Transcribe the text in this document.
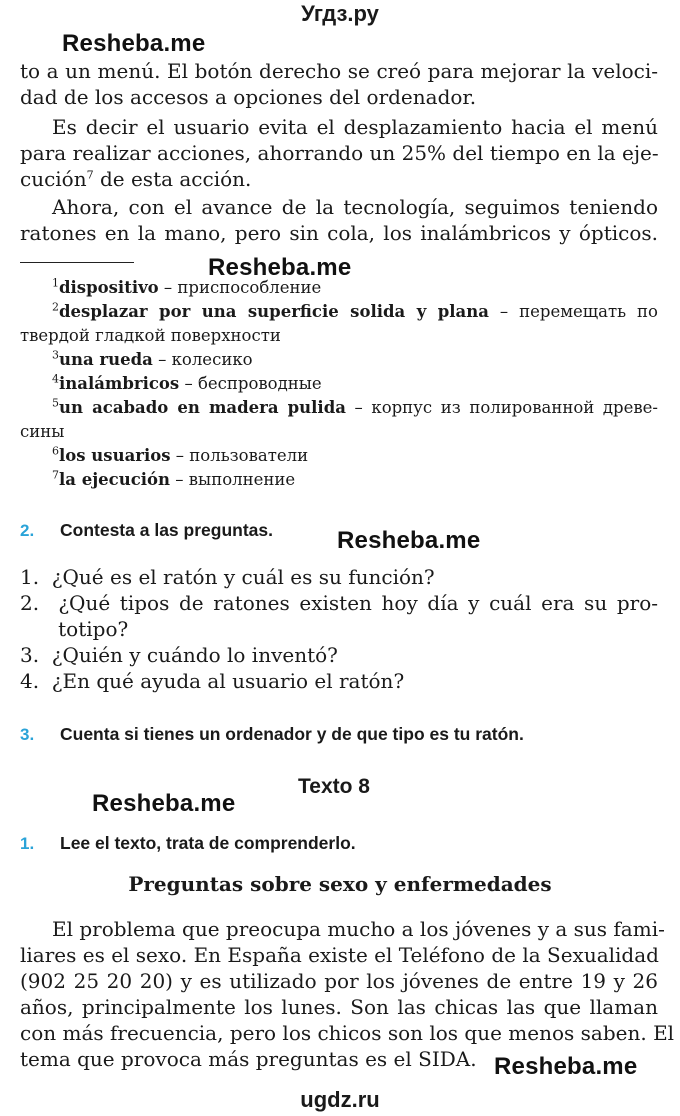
Угдз.ру
Resheba.me
to a un menú. El botón derecho se creó para mejorar la veloci-
dad de los accesos a opciones del ordenador.
Es decir el usuario evita el desplazamiento hacia el menú
para realizar acciones, ahorrando un 25% del tiempo en la eje-
cución$^7$ de esta acción.
Ahora, con el avance de la tecnología, seguimos teniendo
ratones en la mano, pero sin cola, los inalámbricos y ópticos.
Resheba.me
$^1$dispositivo – приспособление
$^2$desplazar por una superficie solida y plana – перемещать по
твердой гладкой поверхности
$^3$una rueda – колесико
$^4$inalámbricos – беспроводные
$^5$un acabado en madera pulida – корпус из полированной древе-
сины
$^6$los usuarios – пользователи
$^7$la ejecución – выполнение
2. Contesta a las preguntas.	Resheba.me
1.  ¿Qué es el ratón y cuál es su función?
2.  ¿Qué tipos de ratones existen hoy día y cuál era su pro-
totipo?
3.  ¿Quién y cuándo lo inventó?
4.  ¿En qué ayuda al usuario el ratón?
3. Cuenta si tienes un ordenador y de que tipo es tu ratón.
Texto 8
Resheba.me
1. Lee el texto, trata de comprenderlo.
Preguntas sobre sexo y enfermedades
El problema que preocupa mucho a los jóvenes y a sus fami-
liares es el sexo. En España existe el Teléfono de la Sexualidad
(902 25 20 20) y es utilizado por los jóvenes de entre 19 y 26
años, principalmente los lunes. Son las chicas las que llaman
con más frecuencia, pero los chicos son los que menos saben. El
tema que provoca más preguntas es el SIDA. Resheba.me
ugdz.ru
